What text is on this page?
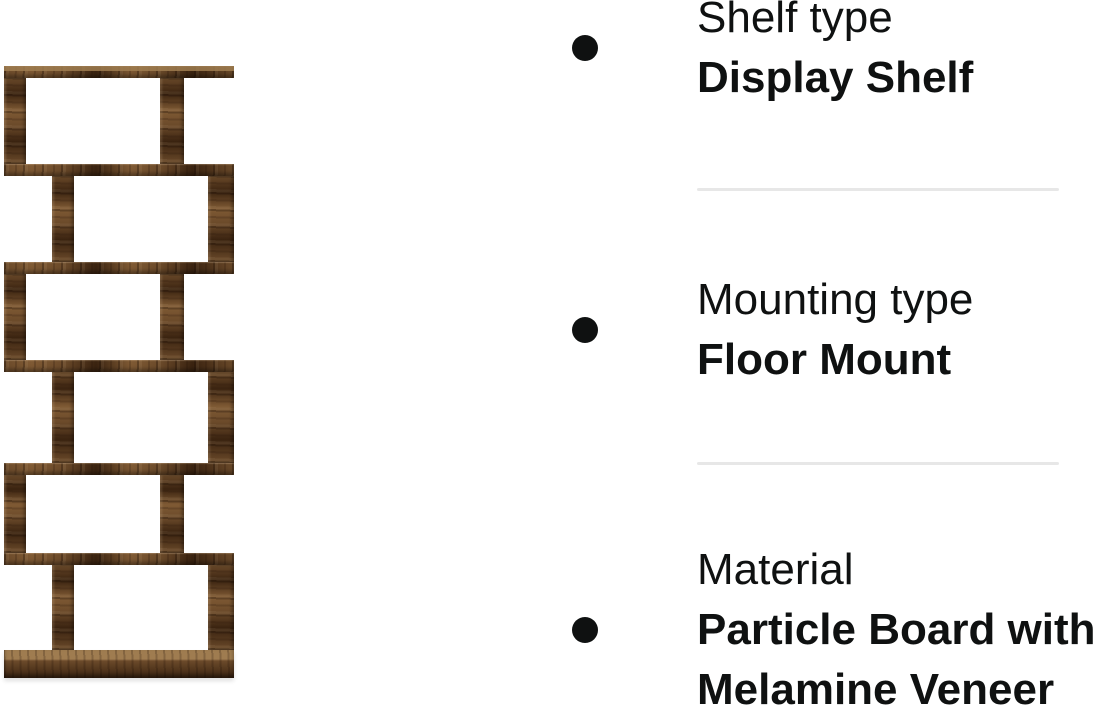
Shelf type
Display Shelf
Mounting type
Floor Mount
Material
Particle Board with Melamine Veneer
